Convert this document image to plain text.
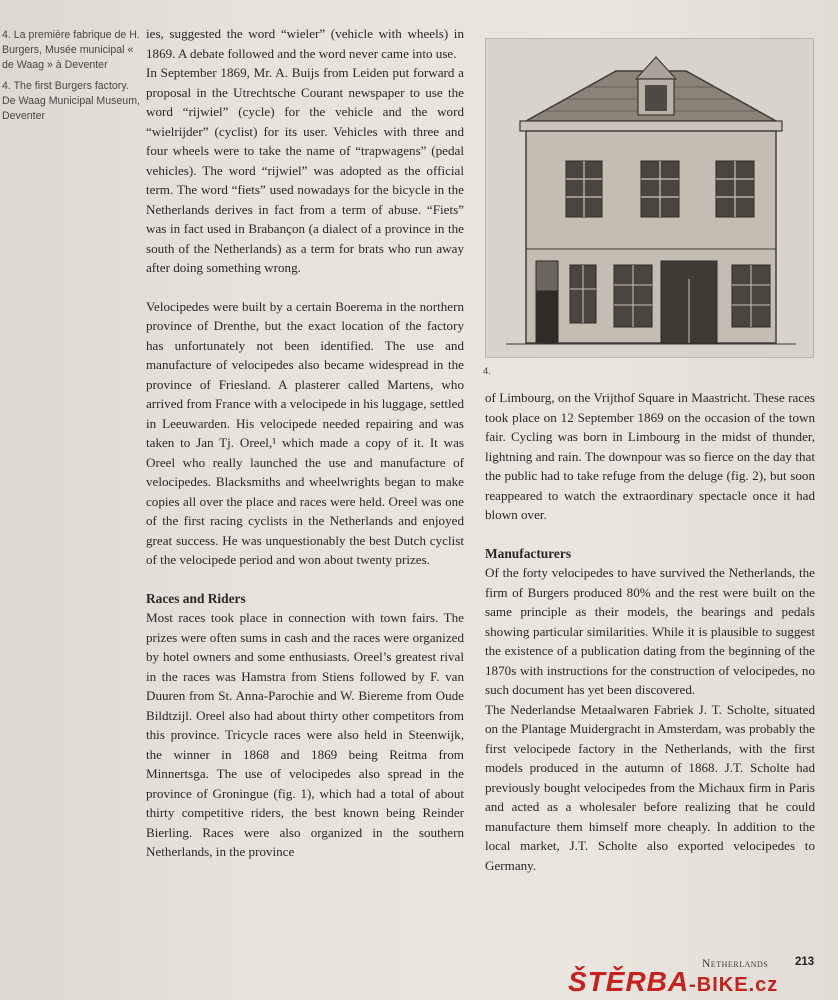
4. La première fabrique de H. Burgers, Musée municipal « de Waag » à Deventer

4. The first Burgers factory. De Waag Municipal Museum, Deventer

ies, suggested the word “wieler” (vehicle with wheels) in 1869. A debate followed and the word never came into use.

In September 1869, Mr. A. Buijs from Leiden put forward a proposal in the Utrechtsche Courant newspaper to use the word “rijwiel” (cycle) for the vehicle and the word “wielrijder” (cyclist) for its user. Vehicles with three and four wheels were to take the name of “trapwagens” (pedal vehicles). The word “rijwiel” was adopted as the official term. The word “fiets” used nowadays for the bicycle in the Netherlands derives in fact from a term of abuse. “Fiets” was in fact used in Brabançon (a dialect of a province in the south of the Netherlands) as a term for brats who run away after doing something wrong.

Velocipedes were built by a certain Boerema in the northern province of Drenthe, but the exact location of the factory has unfortunately not been identified. The use and manufacture of velocipedes also became widespread in the province of Friesland. A plasterer called Martens, who arrived from France with a velocipede in his luggage, settled in Leeuwarden. His velocipede needed repairing and was taken to Jan Tj. Oreel,¹ which made a copy of it. It was Oreel who really launched the use and manufacture of velocipedes. Blacksmiths and wheelwrights began to make copies all over the place and races were held. Oreel was one of the first racing cyclists in the Netherlands and enjoyed great success. He was unquestionably the best Dutch cyclist of the velocipede period and won about twenty prizes.

Races and Riders

Most races took place in connection with town fairs. The prizes were often sums in cash and the races were organized by hotel owners and some enthusiasts. Oreel’s greatest rival in the races was Hamstra from Stiens followed by F. van Duuren from St. Anna-Parochie and W. Biereme from Oude Bildtzijl. Oreel also had about thirty other competitors from this province. Tricycle races were also held in Steenwijk, the winner in 1868 and 1869 being Reitma from Minnertsga. The use of velocipedes also spread in the province of Groningue (fig. 1), which had a total of about thirty competitive riders, the best known being Reinder Bierling. Races were also organized in the southern Netherlands, in the province

4.

of Limbourg, on the Vrijthof Square in Maastricht. These races took place on 12 September 1869 on the occasion of the town fair. Cycling was born in Limbourg in the midst of thunder, lightning and rain. The downpour was so fierce on the day that the public had to take refuge from the deluge (fig. 2), but soon reappeared to watch the extraordinary spectacle once it had blown over.

Manufacturers

Of the forty velocipedes to have survived the Netherlands, the firm of Burgers produced 80% and the rest were built on the same principle as their models, the bearings and pedals showing particular similarities. While it is plausible to suggest the existence of a publication dating from the beginning of the 1870s with instructions for the construction of velocipedes, no such document has yet been discovered.

The Nederlandse Metaalwaren Fabriek J. T. Scholte, situated on the Plantage Muidergracht in Amsterdam, was probably the first velocipede factory in the Netherlands, with the first models produced in the autumn of 1868. J.T. Scholte had previously bought velocipedes from the Michaux firm in Paris and acted as a wholesaler before realizing that he could manufacture them himself more cheaply. In addition to the local market, J.T. Scholte also exported velocipedes to Germany.

Netherlands 213
ŠTĚRBA-BIKE.cz
